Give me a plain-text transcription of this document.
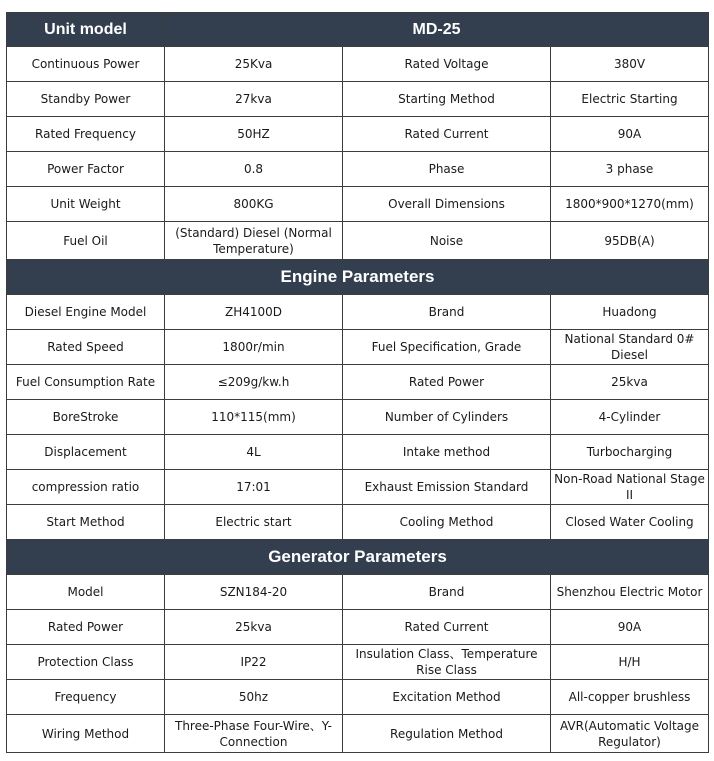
Unit model	MD-25		
Continuous Power	25Kva	Rated Voltage	380V
Standby Power	27kva	Starting Method	Electric Starting
Rated Frequency	50HZ	Rated Current	90A
Power Factor	0.8	Phase	3 phase
Unit Weight	800KG	Overall Dimensions	1800*900*1270(mm)
Fuel Oil	(Standard) Diesel (Normal Temperature)	Noise	95DB(A)
Engine Parameters			
Diesel Engine Model	ZH4100D	Brand	Huadong
Rated Speed	1800r/min	Fuel Specification, Grade	National Standard 0# Diesel
Fuel Consumption Rate	≤209g/kw.h	Rated Power	25kva
BoreStroke	110*115(mm)	Number of Cylinders	4-Cylinder
Displacement	4L	Intake method	Turbocharging
compression ratio	17:01	Exhaust Emission Standard	Non-Road National Stage II
Start Method	Electric start	Cooling Method	Closed Water Cooling
Generator Parameters			
Model	SZN184-20	Brand	Shenzhou Electric Motor
Rated Power	25kva	Rated Current	90A
Protection Class	IP22	Insulation Class、Temperature Rise Class	H/H
Frequency	50hz	Excitation Method	All-copper brushless
Wiring Method	Three-Phase Four-Wire、Y-Connection	Regulation Method	AVR(Automatic Voltage Regulator)
